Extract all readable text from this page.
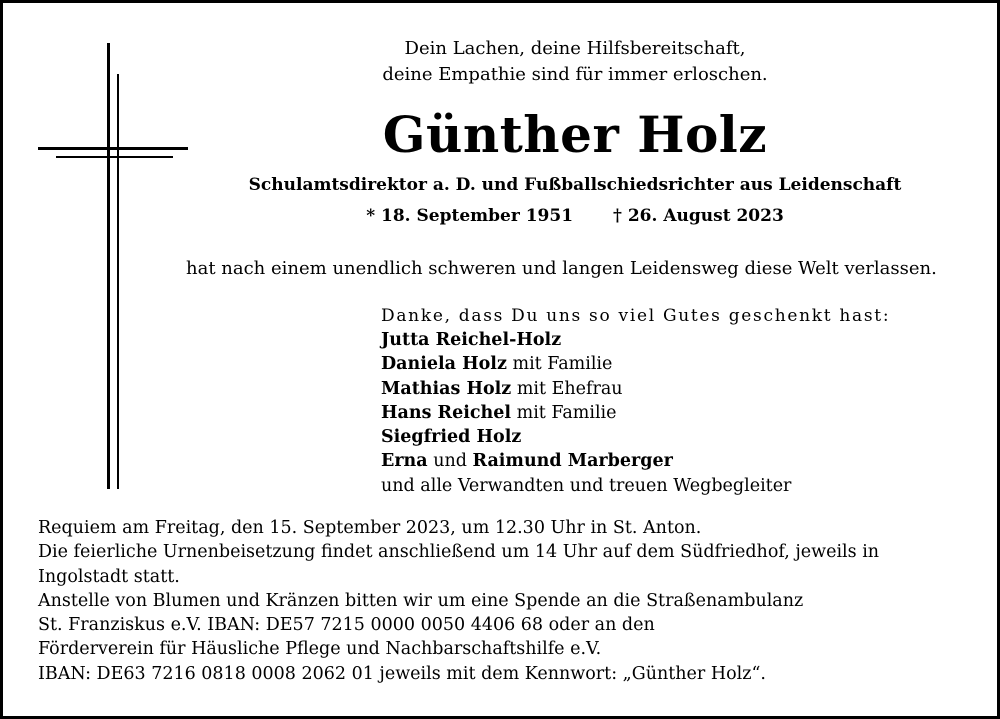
Dein Lachen, deine Hilfsbereitschaft,
deine Empathie sind für immer erloschen.
Günther Holz
Schulamtsdirektor a. D. und Fußballschiedsrichter aus Leidenschaft
* 18. September 1951 † 26. August 2023
hat nach einem unendlich schweren und langen Leidensweg diese Welt verlassen.
Danke, dass Du uns so viel Gutes geschenkt hast:
Jutta Reichel-Holz
Daniela Holz mit Familie
Mathias Holz mit Ehefrau
Hans Reichel mit Familie
Siegfried Holz
Erna und Raimund Marberger
und alle Verwandten und treuen Wegbegleiter
Requiem am Freitag, den 15. September 2023, um 12.30 Uhr in St. Anton.
Die feierliche Urnenbeisetzung findet anschließend um 14 Uhr auf dem Südfriedhof, jeweils in
Ingolstadt statt.
Anstelle von Blumen und Kränzen bitten wir um eine Spende an die Straßenambulanz
St. Franziskus e.V. IBAN: DE57 7215 0000 0050 4406 68 oder an den
Förderverein für Häusliche Pflege und Nachbarschaftshilfe e.V.
IBAN: DE63 7216 0818 0008 2062 01 jeweils mit dem Kennwort: „Günther Holz“.
